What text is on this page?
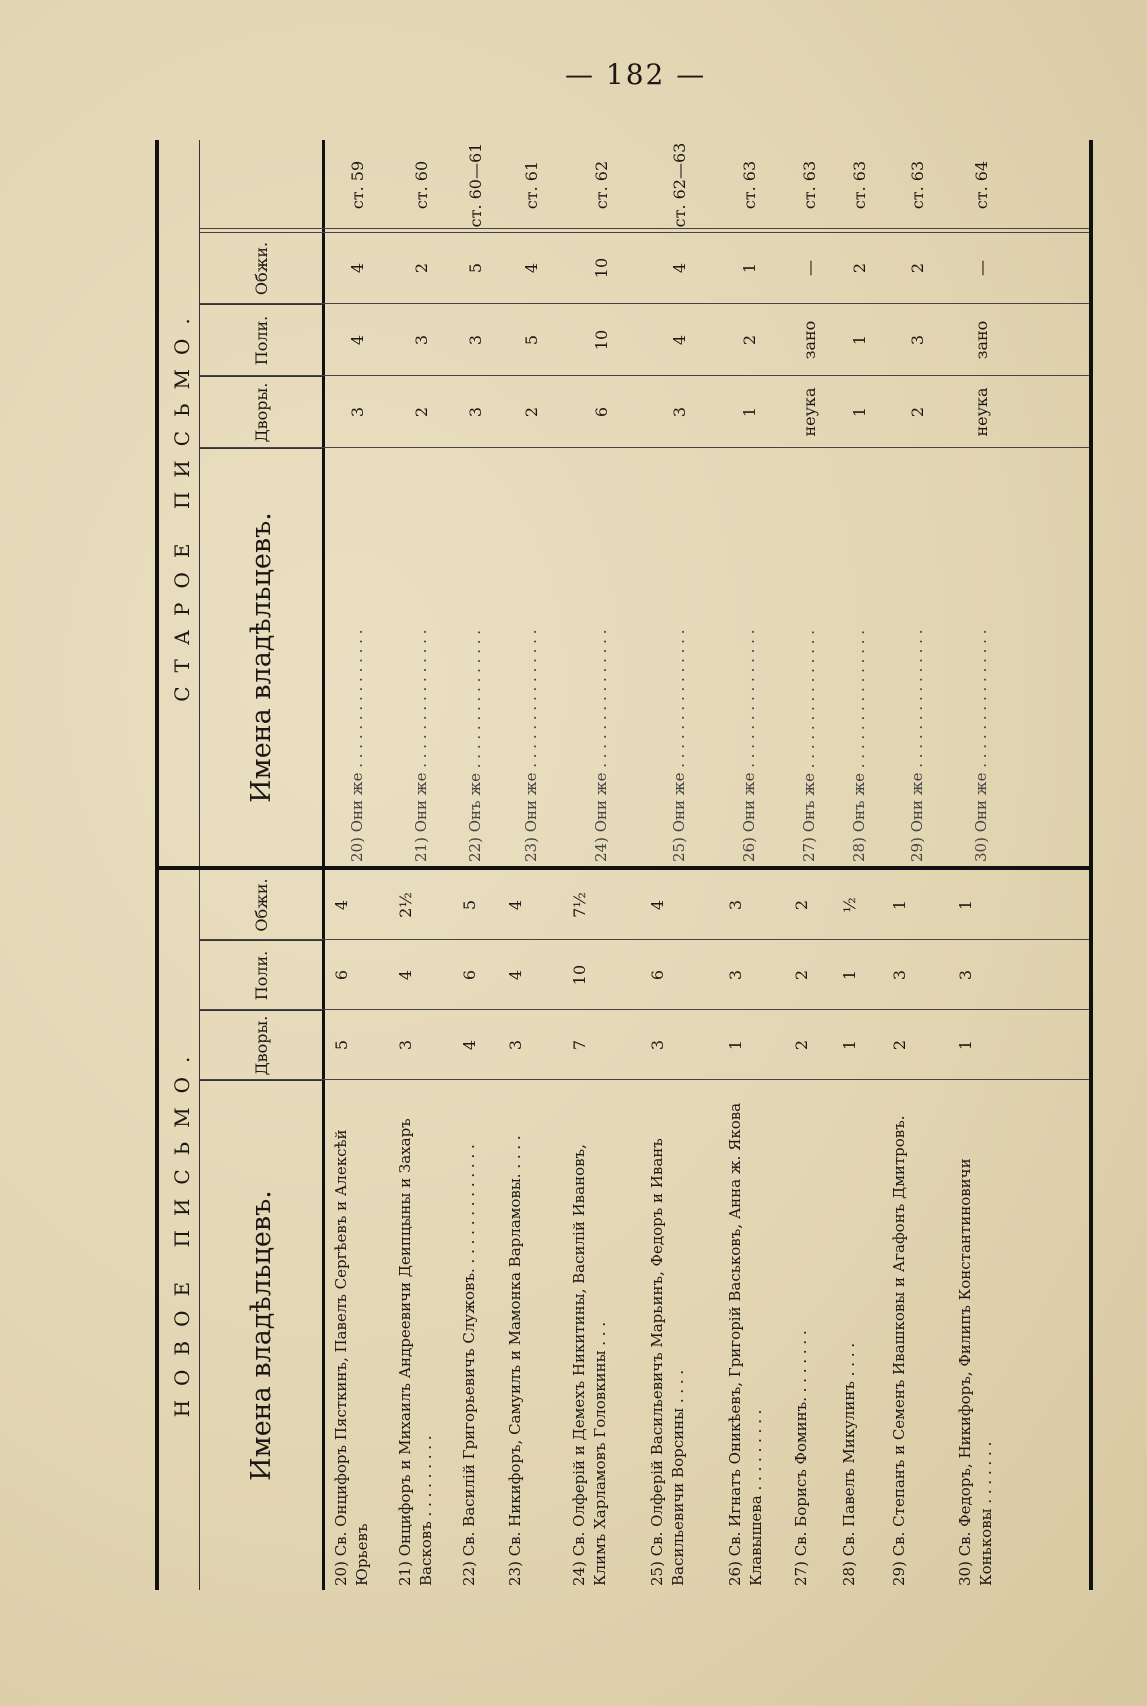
— 182 —
НОВОЕ ПИСЬМО.	Имена владѣльцевъ.
Дворы.
Поли.
Обжи.
20) Св. Онцифоръ Пясткинъ, Павелъ Сергѣевъ и Алексѣй Юрьевъ
5
6
4
21) Онцифоръ и Михаилъ Андреевичи Деипцыны и Захаръ Васковъ . . . . . . . . .
3
4
2½
22) Св. Василій Григорьевичъ Служовъ. . . . . . . . . . . . . .
4
6
5
23) Св. Никифоръ, Самуилъ и Мамонка Варламовы. . . . .
3
4
4
24) Св. Олферій и Демехъ Никитины, Василій Ивановъ, Климъ Харламовъ Головкины . . .
7
10
7½
25) Св. Олферій Васильевичъ Марьинъ, Федоръ и Иванъ Васильевичи Ворсины . . . .
3
6
4
26) Св. Игнатъ Оникѣевъ, Григорій Васьковъ, Анна ж. Якова Клавышева . . . . . . . . .
1
3
3
27) Св. Борисъ Фоминъ. . . . . . . .
2
2
2
28) Св. Павелъ Микулинъ . . . .
1
1
½
29) Св. Степанъ и Семенъ Ивашковы и Агафонъ Дмитровъ.
2
3
1
30) Св. Федоръ, Никифоръ, Филипъ Константиновичи Коньковы . . . . . . .
1
3
1
СТАРОЕ ПИСЬМО.	Имена владѣльцевъ.
Дворы.
Поли.
Обжи.
20) Они же . . . . . . . . . . . . . . .
3
4
4
ст. 59
21) Они же . . . . . . . . . . . . . . .
2
3
2
ст. 60
22) Онъ же . . . . . . . . . . . . . . .
3
3
5
ст. 60—61
23) Они же . . . . . . . . . . . . . . .
2
5
4
ст. 61
24) Они же . . . . . . . . . . . . . . .
6
10
10
ст. 62
25) Они же . . . . . . . . . . . . . . .
3
4
4
ст. 62—63
26) Они же . . . . . . . . . . . . . . .
1
2
1
ст. 63
27) Онъ же . . . . . . . . . . . . . . .
неука
зано
—
ст. 63
28) Онъ же . . . . . . . . . . . . . . .
1
1
2
ст. 63
29) Они же . . . . . . . . . . . . . . .
2
3
2
ст. 63
30) Они же . . . . . . . . . . . . . . .
неука
зано
—
ст. 64
